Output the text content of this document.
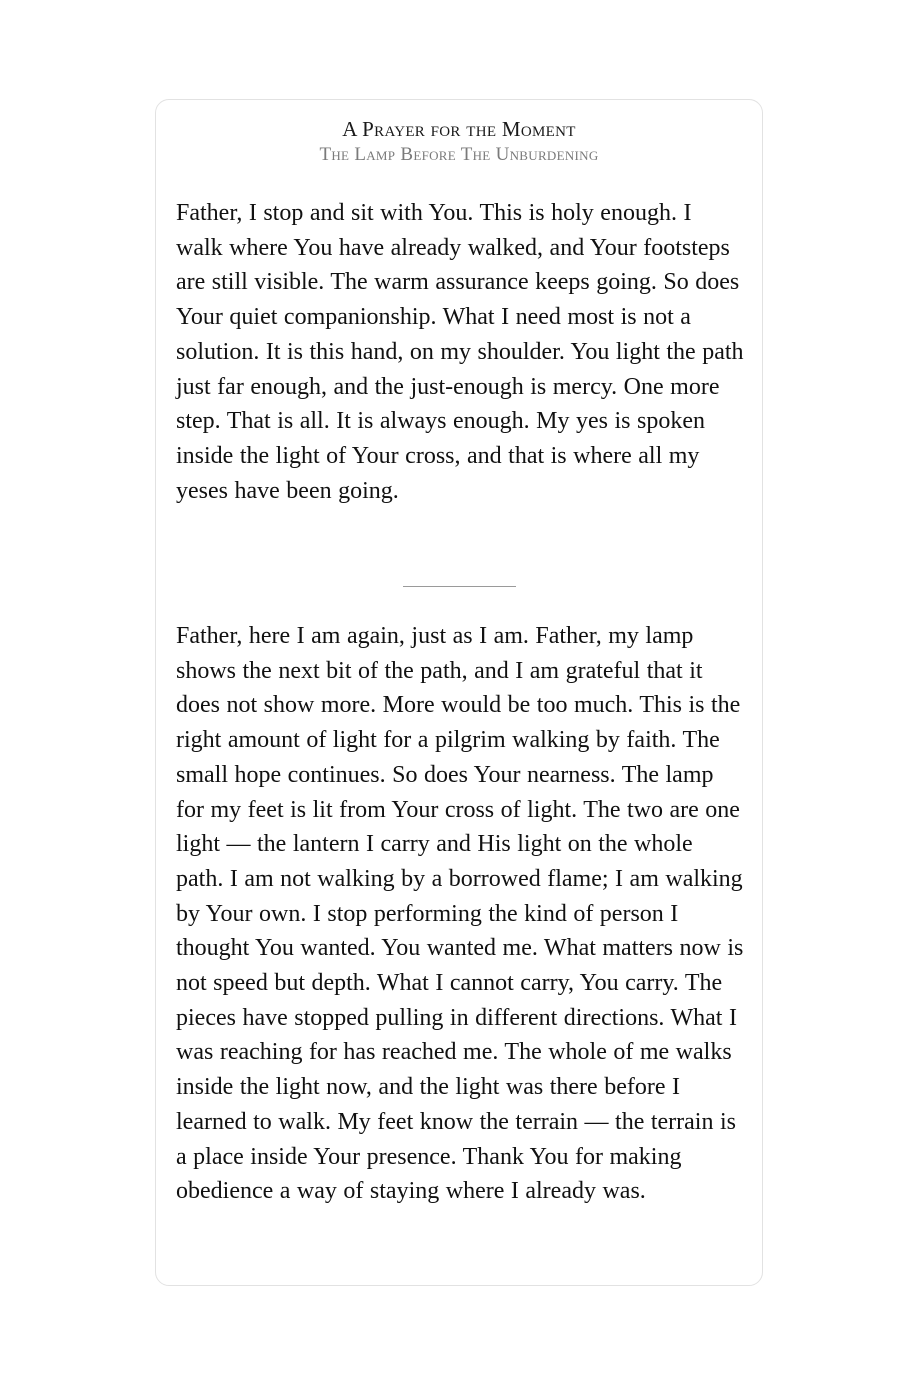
A Prayer for the Moment
The Lamp Before The Unburdening

Father, I stop and sit with You. This is holy enough. I walk where You have already walked, and Your footsteps are still visible. The warm assurance keeps going. So does Your quiet companionship. What I need most is not a solution. It is this hand, on my shoulder. You light the path just far enough, and the just-enough is mercy. One more step. That is all. It is always enough. My yes is spoken inside the light of Your cross, and that is where all my yeses have been going.

Father, here I am again, just as I am. Father, my lamp shows the next bit of the path, and I am grateful that it does not show more. More would be too much. This is the right amount of light for a pilgrim walking by faith. The small hope continues. So does Your nearness. The lamp for my feet is lit from Your cross of light. The two are one light — the lantern I carry and His light on the whole path. I am not walking by a borrowed flame; I am walking by Your own. I stop performing the kind of person I thought You wanted. You wanted me. What matters now is not speed but depth. What I cannot carry, You carry. The pieces have stopped pulling in different directions. What I was reaching for has reached me. The whole of me walks inside the light now, and the light was there before I learned to walk. My feet know the terrain — the terrain is a place inside Your presence. Thank You for making obedience a way of staying where I already was.
